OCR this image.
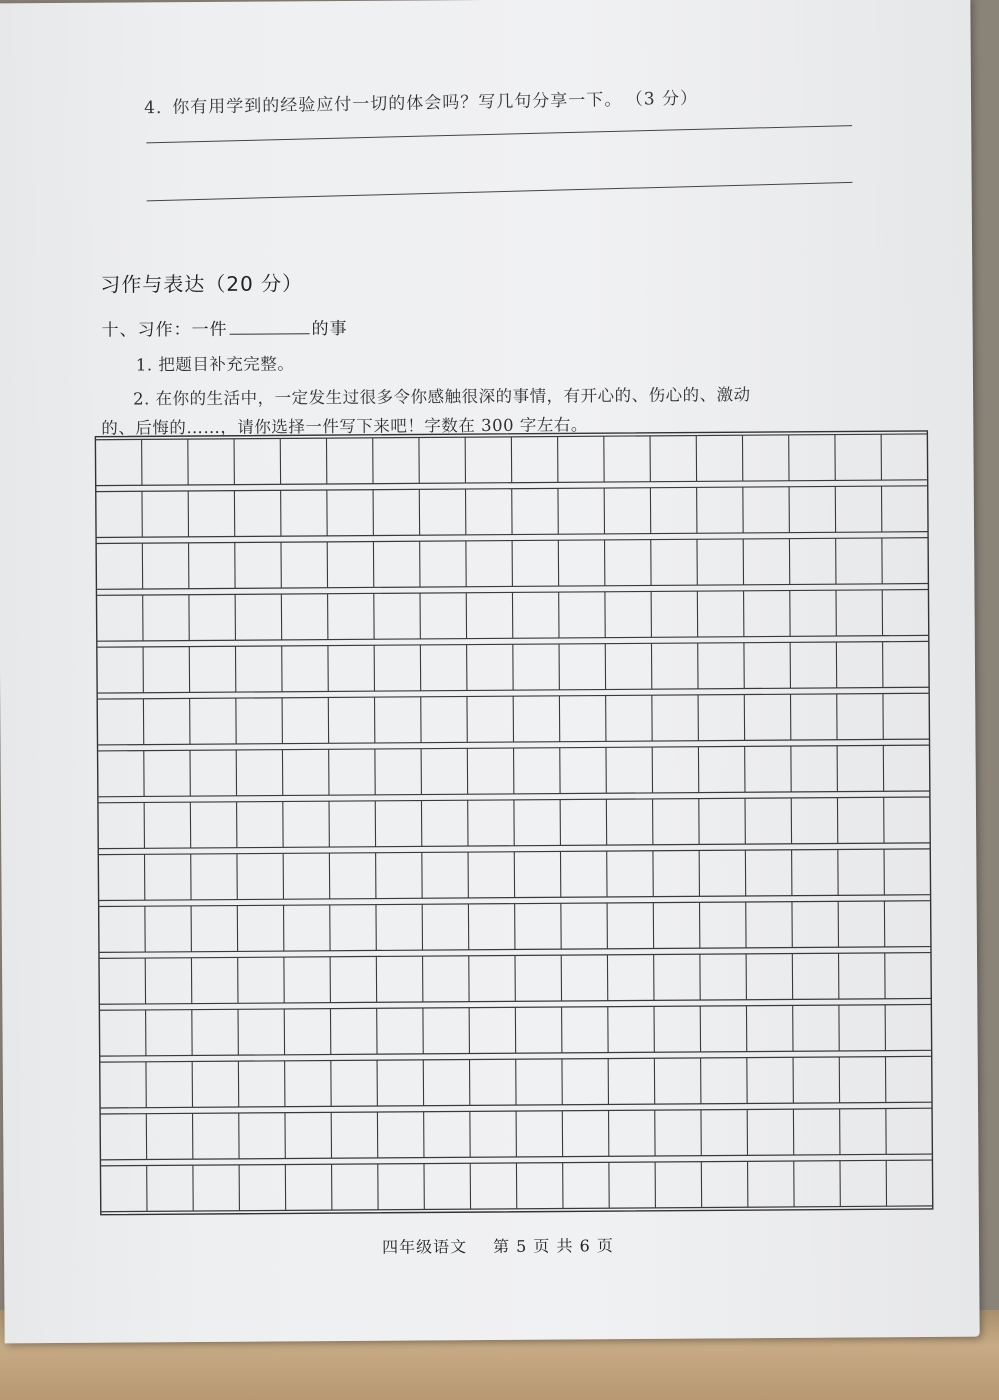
4. 你有用学到的经验应付一切的体会吗？写几句分享一下。 （3 分）
习作与表达（20 分）
十、习作：一件	的事
1. 把题目补充完整。
2. 在你的生活中，一定发生过很多令你感触很深的事情，有开心的、伤心的、激动
的、后悔的……，请你选择一件写下来吧！字数在 300 字左右。
四年级语文 第 5 页 共 6 页
